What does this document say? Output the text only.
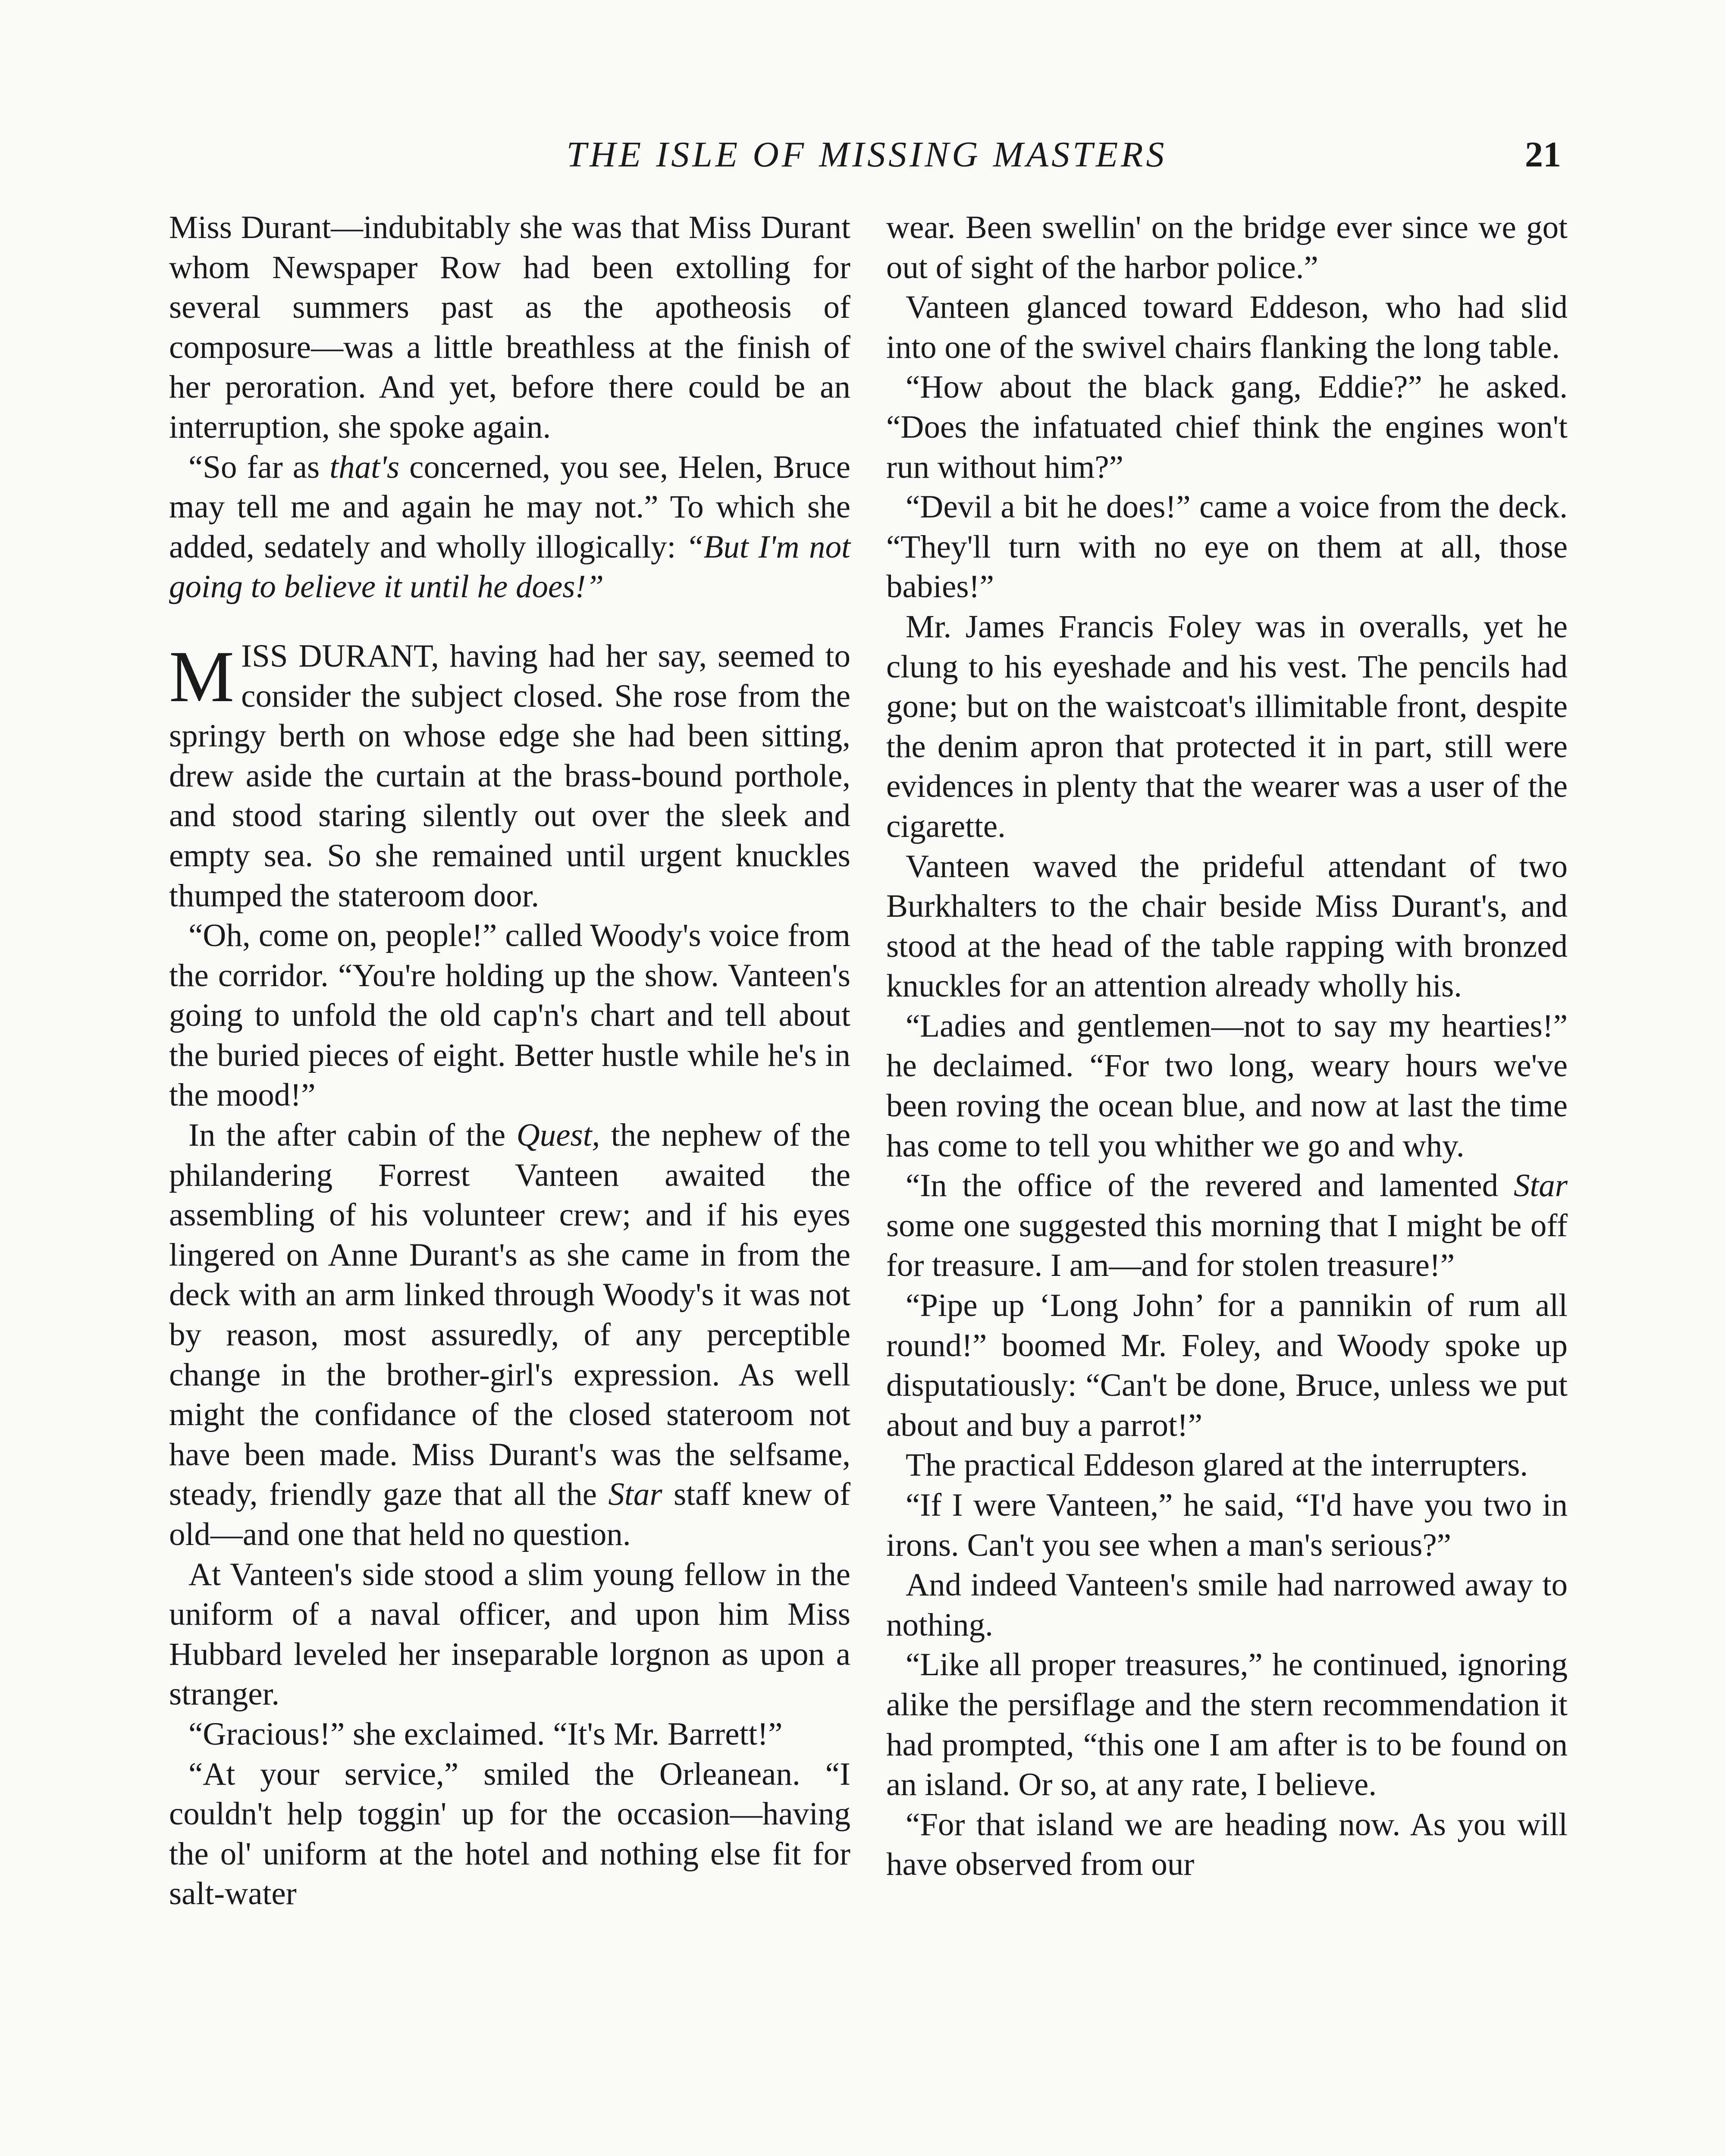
THE ISLE OF MISSING MASTERS	21

Miss Durant—indubitably she was that Miss Durant whom Newspaper Row had been extolling for several summers past as the apotheosis of composure—was a little breathless at the finish of her peroration. And yet, before there could be an interruption, she spoke again.

“So far as that's concerned, you see, Helen, Bruce may tell me and again he may not.” To which she added, sedately and wholly illogically: “But I'm not going to believe it until he does!”

MISS DURANT, having had her say, seemed to consider the subject closed. She rose from the springy berth on whose edge she had been sitting, drew aside the curtain at the brass-bound porthole, and stood staring silently out over the sleek and empty sea. So she remained until urgent knuckles thumped the stateroom door.

“Oh, come on, people!” called Woody's voice from the corridor. “You're holding up the show. Vanteen's going to unfold the old cap'n's chart and tell about the buried pieces of eight. Better hustle while he's in the mood!”

In the after cabin of the Quest, the nephew of the philandering Forrest Vanteen awaited the assembling of his volunteer crew; and if his eyes lingered on Anne Durant's as she came in from the deck with an arm linked through Woody's it was not by reason, most assuredly, of any perceptible change in the brother-girl's expression. As well might the confidance of the closed stateroom not have been made. Miss Durant's was the selfsame, steady, friendly gaze that all the Star staff knew of old—and one that held no question.

At Vanteen's side stood a slim young fellow in the uniform of a naval officer, and upon him Miss Hubbard leveled her inseparable lorgnon as upon a stranger.

“Gracious!” she exclaimed. “It's Mr. Barrett!”

“At your service,” smiled the Orleanean. “I couldn't help toggin' up for the occasion—having the ol' uniform at the hotel and nothing else fit for salt-water

wear. Been swellin' on the bridge ever since we got out of sight of the harbor police.”

Vanteen glanced toward Eddeson, who had slid into one of the swivel chairs flanking the long table.

“How about the black gang, Eddie?” he asked. “Does the infatuated chief think the engines won't run without him?”

“Devil a bit he does!” came a voice from the deck. “They'll turn with no eye on them at all, those babies!”

Mr. James Francis Foley was in overalls, yet he clung to his eyeshade and his vest. The pencils had gone; but on the waistcoat's illimitable front, despite the denim apron that protected it in part, still were evidences in plenty that the wearer was a user of the cigarette.

Vanteen waved the prideful attendant of two Burkhalters to the chair beside Miss Durant's, and stood at the head of the table rapping with bronzed knuckles for an attention already wholly his.

“Ladies and gentlemen—not to say my hearties!” he declaimed. “For two long, weary hours we've been roving the ocean blue, and now at last the time has come to tell you whither we go and why.

“In the office of the revered and lamented Star some one suggested this morning that I might be off for treasure. I am—and for stolen treasure!”

“Pipe up ‘Long John’ for a pannikin of rum all round!” boomed Mr. Foley, and Woody spoke up disputatiously: “Can't be done, Bruce, unless we put about and buy a parrot!”

The practical Eddeson glared at the interrupters.

“If I were Vanteen,” he said, “I'd have you two in irons. Can't you see when a man's serious?”

And indeed Vanteen's smile had narrowed away to nothing.

“Like all proper treasures,” he continued, ignoring alike the persiflage and the stern recommendation it had prompted, “this one I am after is to be found on an island. Or so, at any rate, I believe.

“For that island we are heading now. As you will have observed from our
